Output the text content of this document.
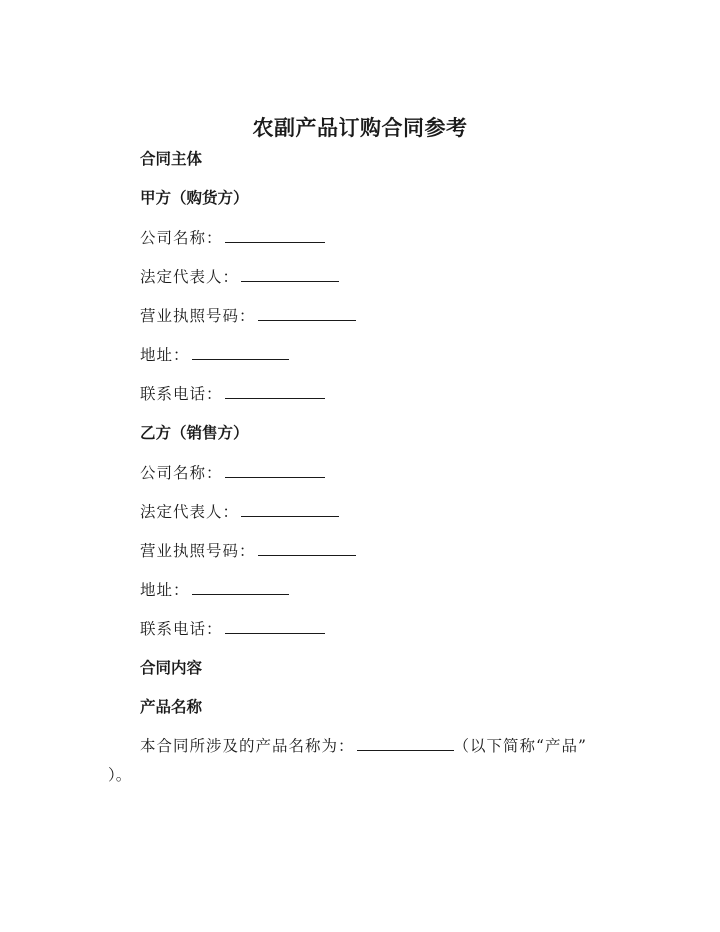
农副产品订购合同参考
合同主体
甲方（购货方）
公司名称：
法定代表人：
营业执照号码：
地址：
联系电话：
乙方（销售方）
公司名称：
法定代表人：
营业执照号码：
地址：
联系电话：
合同内容
产品名称
本合同所涉及的产品名称为：	（以下简称“产品”
）。
